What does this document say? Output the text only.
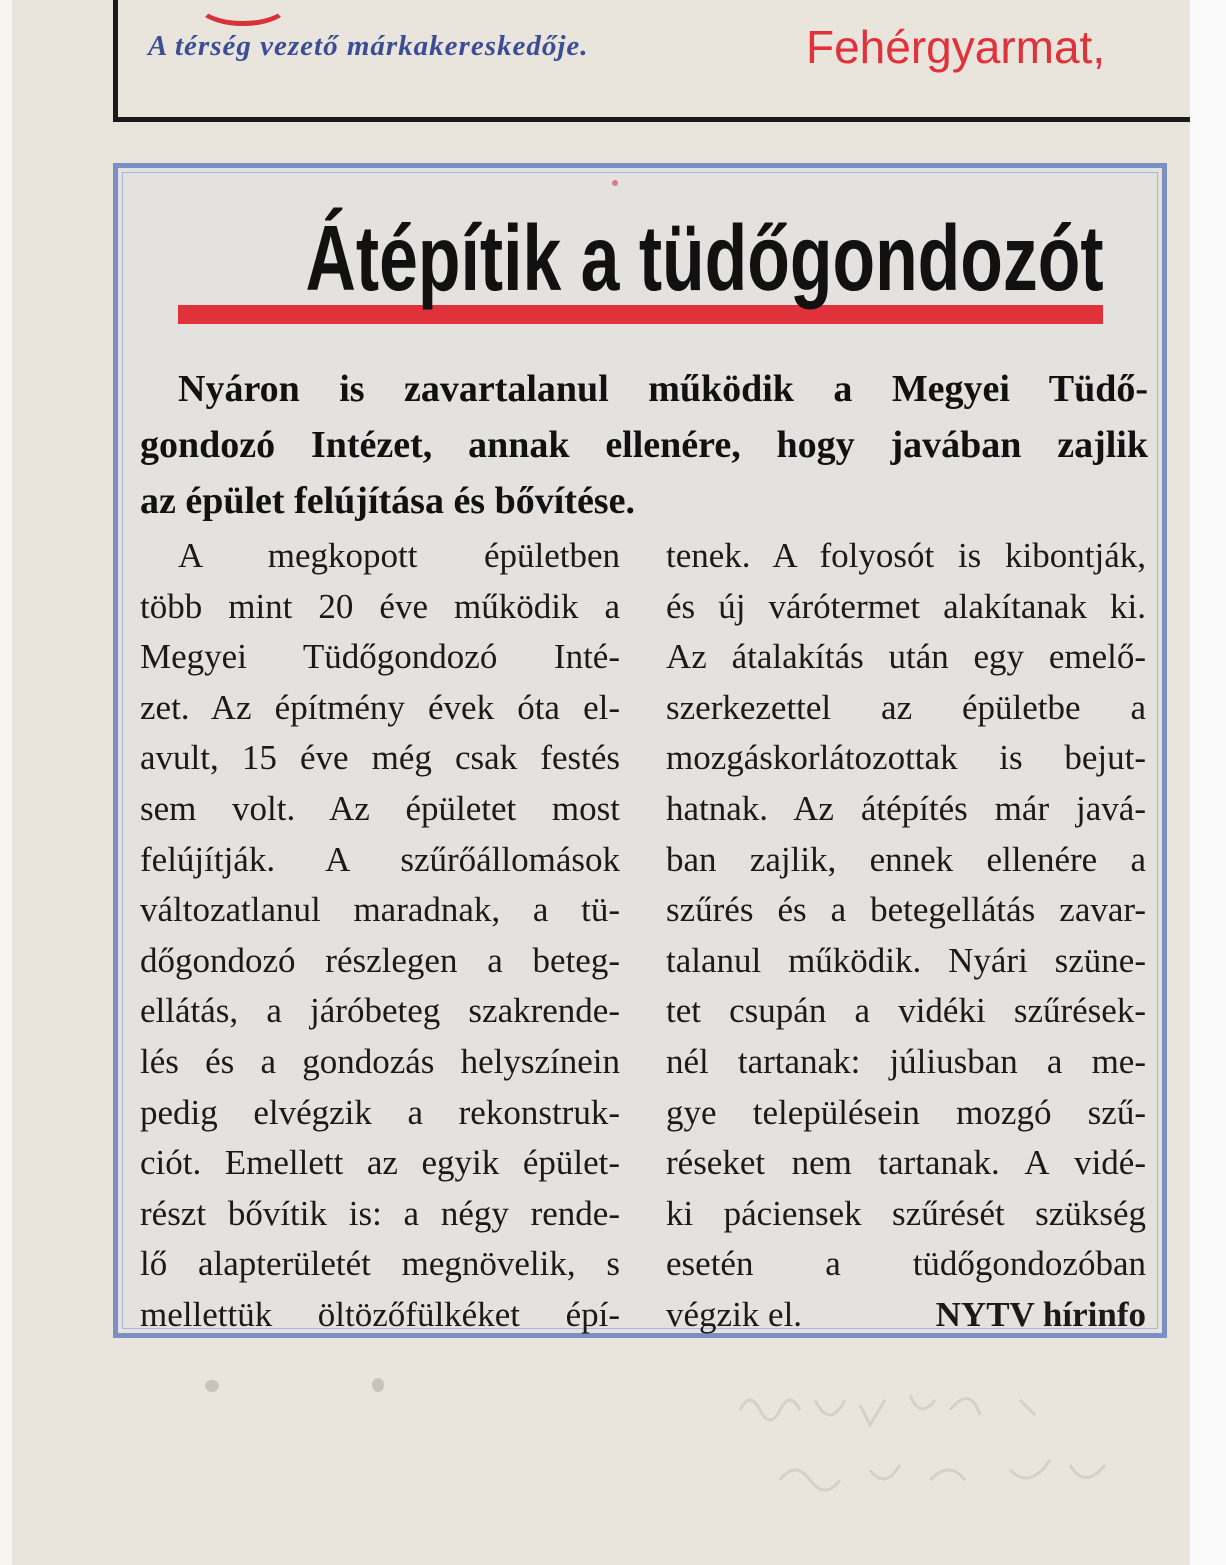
A térség vezető márkakereskedője.	Fehérgyarmat,
Átépítik a tüdőgondozót
Nyáron is zavartalanul működik a Megyei Tüdő-
gondozó Intézet, annak ellenére, hogy javában zajlik
az épület felújítása és bővítése.
A megkopott épületben
több mint 20 éve működik a
Megyei Tüdőgondozó Inté-
zet. Az építmény évek óta el-
avult, 15 éve még csak festés
sem volt. Az épületet most
felújítják. A szűrőállomások
változatlanul maradnak, a tü-
dőgondozó részlegen a beteg-
ellátás, a járóbeteg szakrende-
lés és a gondozás helyszínein
pedig elvégzik a rekonstruk-
ciót. Emellett az egyik épület-
részt bővítik is: a négy rende-
lő alapterületét megnövelik, s
mellettük öltözőfülkéket épí-
tenek. A folyosót is kibontják,
és új várótermet alakítanak ki.
Az átalakítás után egy emelő-
szerkezettel az épületbe a
mozgáskorlátozottak is bejut-
hatnak. Az átépítés már javá-
ban zajlik, ennek ellenére a
szűrés és a betegellátás zavar-
talanul működik. Nyári szüne-
tet csupán a vidéki szűrések-
nél tartanak: júliusban a me-
gye településein mozgó szű-
réseket nem tartanak. A vidé-
ki páciensek szűrését szükség
esetén a tüdőgondozóban
végzik el.	NYTV hírinfo
